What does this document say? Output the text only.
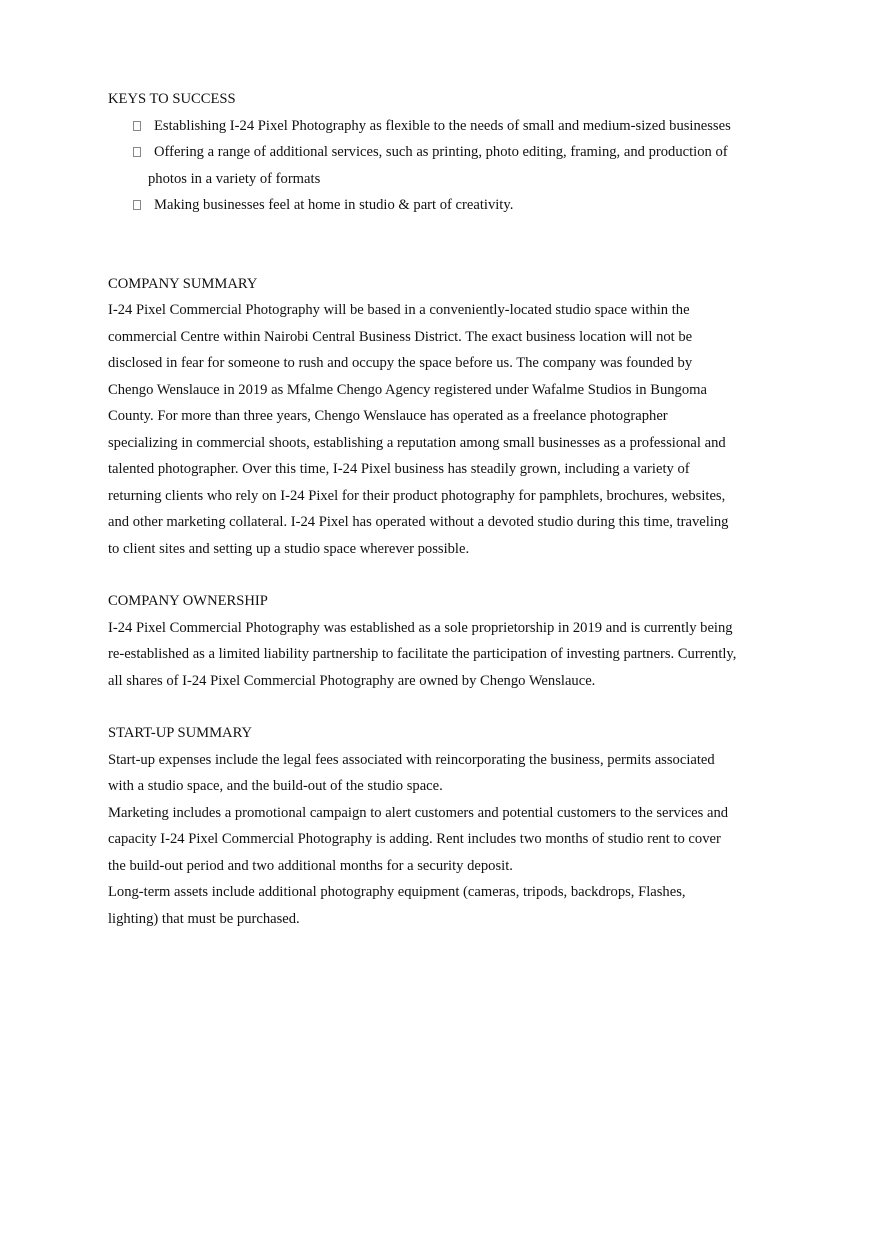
KEYS TO SUCCESS
Establishing I-24 Pixel Photography as flexible to the needs of small and medium-sized businesses
Offering a range of additional services, such as printing, photo editing, framing, and production of
photos in a variety of formats
Making businesses feel at home in studio & part of creativity.
COMPANY SUMMARY
I-24 Pixel Commercial Photography will be based in a conveniently-located studio space within the
commercial Centre within Nairobi Central Business District. The exact business location will not be
disclosed in fear for someone to rush and occupy the space before us. The company was founded by
Chengo Wenslauce in 2019 as Mfalme Chengo Agency registered under Wafalme Studios in Bungoma
County. For more than three years, Chengo Wenslauce has operated as a freelance photographer
specializing in commercial shoots, establishing a reputation among small businesses as a professional and
talented photographer. Over this time, I-24 Pixel business has steadily grown, including a variety of
returning clients who rely on I-24 Pixel for their product photography for pamphlets, brochures, websites,
and other marketing collateral. I-24 Pixel has operated without a devoted studio during this time, traveling
to client sites and setting up a studio space wherever possible.
COMPANY OWNERSHIP
I-24 Pixel Commercial Photography was established as a sole proprietorship in 2019 and is currently being
re-established as a limited liability partnership to facilitate the participation of investing partners. Currently,
all shares of I-24 Pixel Commercial Photography are owned by Chengo Wenslauce.
START-UP SUMMARY
Start-up expenses include the legal fees associated with reincorporating the business, permits associated
with a studio space, and the build-out of the studio space.
Marketing includes a promotional campaign to alert customers and potential customers to the services and
capacity I-24 Pixel Commercial Photography is adding. Rent includes two months of studio rent to cover
the build-out period and two additional months for a security deposit.
Long-term assets include additional photography equipment (cameras, tripods, backdrops, Flashes,
lighting) that must be purchased.
